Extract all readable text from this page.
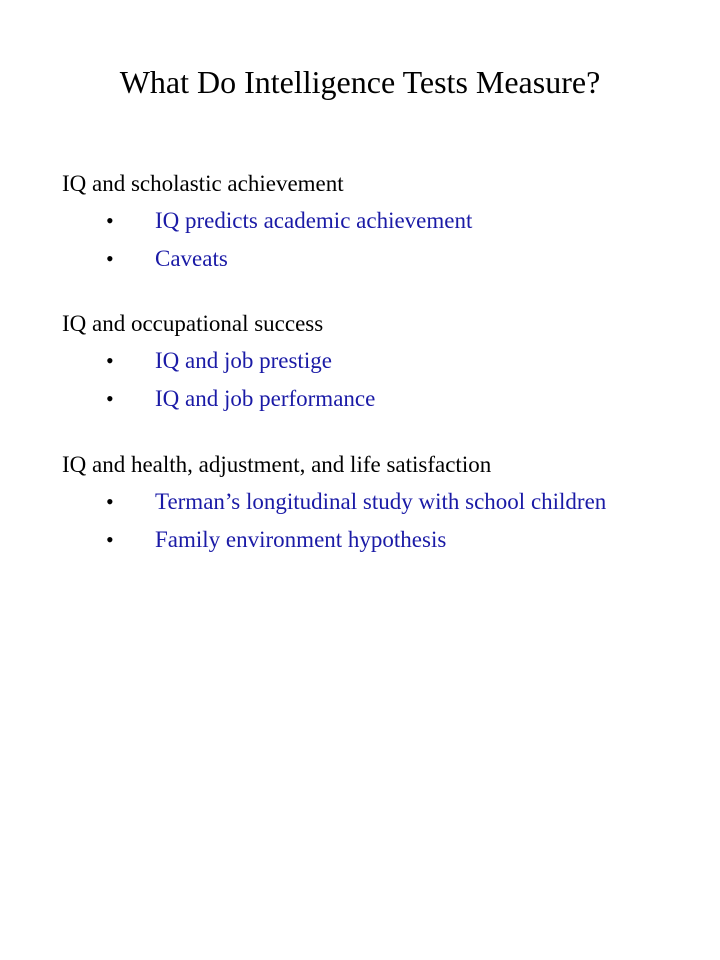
What Do Intelligence Tests Measure?

IQ and scholastic achievement

• IQ predicts academic achievement
• Caveats

IQ and occupational success

• IQ and job prestige
• IQ and job performance

IQ and health, adjustment, and life satisfaction

• Terman’s longitudinal study with school children
• Family environment hypothesis
